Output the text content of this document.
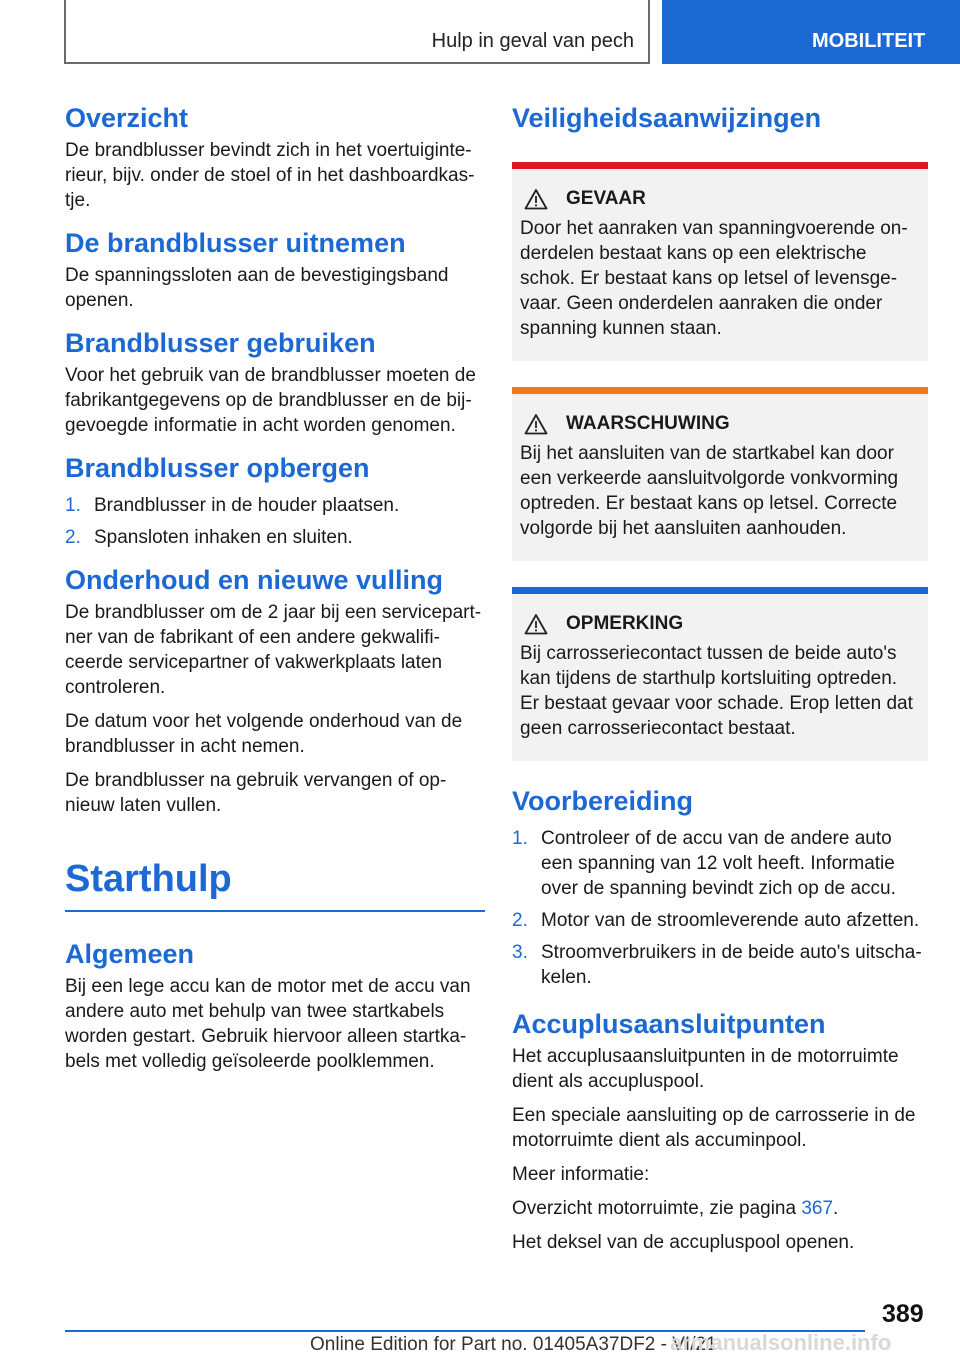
Hulp in geval van pech	MOBILITEIT
Overzicht

De brandblusser bevindt zich in het voertuiginterieur, bijv. onder de stoel of in het dashboardkastje.

De brandblusser uitnemen

De spanningssloten aan de bevestigingsband openen.

Brandblusser gebruiken

Voor het gebruik van de brandblusser moeten de fabrikantgegevens op de brandblusser en de bijgevoegde informatie in acht worden genomen.

Brandblusser opbergen
1. Brandblusser in de houder plaatsen.
2. Spansloten inhaken en sluiten.
Onderhoud en nieuwe vulling

De brandblusser om de 2 jaar bij een servicepartner van de fabrikant of een andere gekwalificeerde servicepartner of vakwerkplaats laten controleren.

De datum voor het volgende onderhoud van de brandblusser in acht nemen.

De brandblusser na gebruik vervangen of opnieuw laten vullen.

Starthulp
Algemeen

Bij een lege accu kan de motor met de accu van andere auto met behulp van twee startkabels worden gestart. Gebruik hiervoor alleen startkabels met volledig geïsoleerde poolklemmen.

Veiligheidsaanwijzingen
GEVAAR

Door het aanraken van spanningvoerende onderdelen bestaat kans op een elektrische schok. Er bestaat kans op letsel of levensgevaar. Geen onderdelen aanraken die onder spanning kunnen staan.

WAARSCHUWING

Bij het aansluiten van de startkabel kan door een verkeerde aansluitvolgorde vonkvorming optreden. Er bestaat kans op letsel. Correcte volgorde bij het aansluiten aanhouden.

OPMERKING

Bij carrosseriecontact tussen de beide auto's kan tijdens de starthulp kortsluiting optreden. Er bestaat gevaar voor schade. Erop letten dat geen carrosseriecontact bestaat.

Voorbereiding
1. Controleer of de accu van de andere auto een spanning van 12 volt heeft. Informatie over de spanning bevindt zich op de accu.
2. Motor van de stroomleverende auto afzetten.
3. Stroomverbruikers in de beide auto's uitschakelen.
Accuplusaansluitpunten

Het accuplusaansluitpunten in de motorruimte dient als accupluspool.

Een speciale aansluiting op de carrosserie in de motorruimte dient als accuminpool.

Meer informatie:

Overzicht motorruimte, zie pagina 367.

Het deksel van de accupluspool openen.

389
Online Edition for Part no. 01405A37DF2 - VI/21
armanualsonline.info
